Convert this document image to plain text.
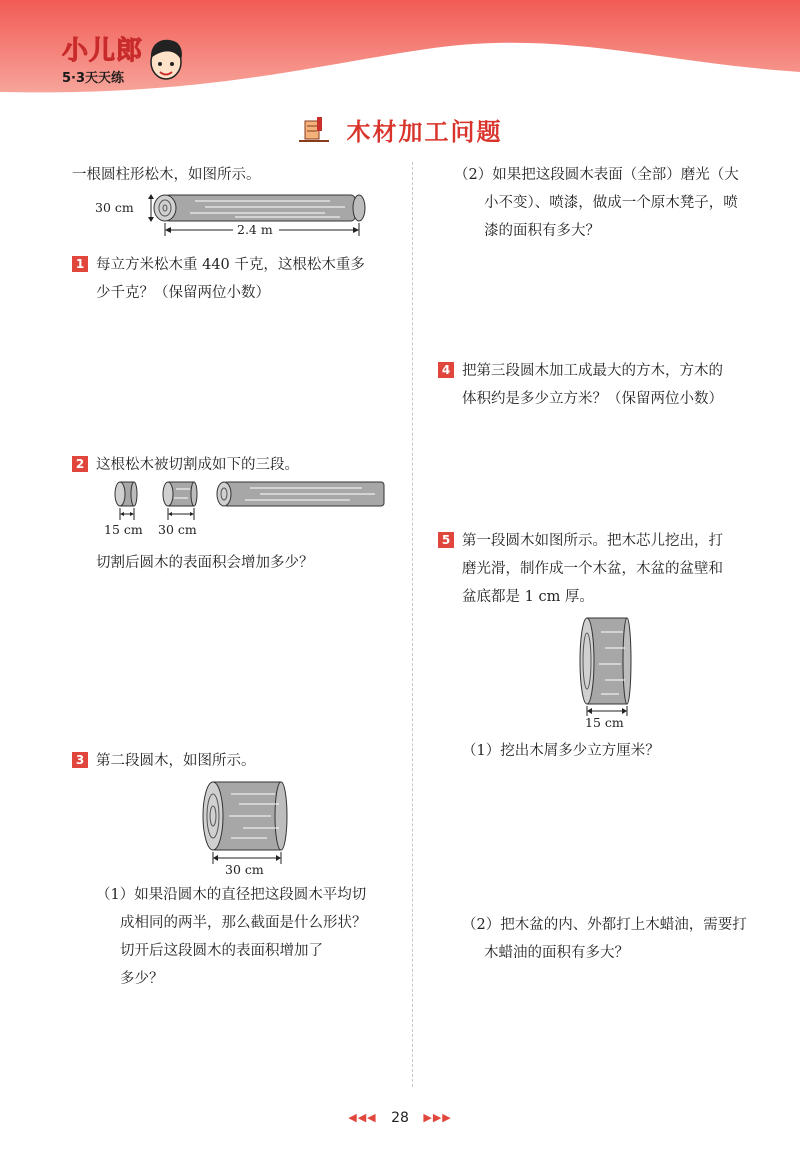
小儿郎
5·3天天练
木材加工问题
一根圆柱形松木，如图所示。
30 cm
2.4 m
1 每立方米松木重 440 千克，这根松木重多
少千克？（保留两位小数）
2 这根松木被切割成如下的三段。
15 cm 30 cm
切割后圆木的表面积会增加多少？
3 第二段圆木，如图所示。
30 cm
（1）如果沿圆木的直径把这段圆木平均切
成相同的两半，那么截面是什么形状？
切开后这段圆木的表面积增加了
多少？
（2）如果把这段圆木表面（全部）磨光（大
小不变）、喷漆，做成一个原木凳子，喷
漆的面积有多大？
4 把第三段圆木加工成最大的方木，方木的
体积约是多少立方米？（保留两位小数）
5 第一段圆木如图所示。把木芯儿挖出，打
磨光滑，制作成一个木盆，木盆的盆壁和
盆底都是 1 cm 厚。
15 cm
（1）挖出木屑多少立方厘米？
（2）把木盆的内、外都打上木蜡油，需要打
木蜡油的面积有多大？
◀◀◀ 28 ▶▶▶
